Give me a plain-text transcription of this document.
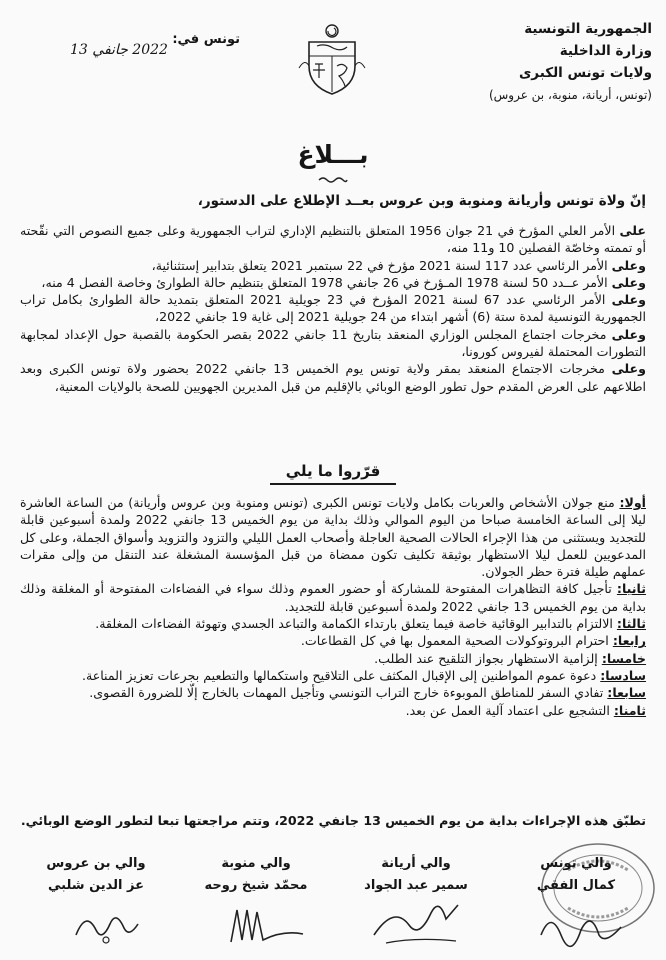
الجمهورية التونسية
وزارة الداخلية
ولايات تونس الكبرى
(تونس، أريانة، منوبة، بن عروس)
تونس في:
2022 جانفي 13
بـــلاغ
إنّ ولاة تونس وأريانة ومنوبة وبن عروس بعــد الإطلاع على الدستور،
على الأمر العلي المؤرخ في 21 جوان 1956 المتعلق بالتنظيم الإداري لتراب الجمهورية وعلى جميع النصوص التي نقّحته أو تممته وخاصّة الفصلين 10 و11 منه،
وعلى الأمر الرئاسي عدد 117 لسنة 2021 مؤرخ في 22 سبتمبر 2021 يتعلق بتدابير إستثنائية،
وعلى الأمر عــدد 50 لسنة 1978 المـؤرخ في 26 جانفي 1978 المتعلق بتنظيم حالة الطوارئ وخاصة الفصل 4 منه،
وعلى الأمر الرئاسي عدد 67 لسنة 2021 المؤرخ في 23 جويلية 2021 المتعلق بتمديد حالة الطوارئ بكامل تراب الجمهورية التونسية لمدة ستة (6) أشهر ابتداء من 24 جويلية 2021 إلى غاية 19 جانفي 2022،
وعلى مخرجات اجتماع المجلس الوزاري المنعقد بتاريخ 11 جانفي 2022 بقصر الحكومة بالقصبة حول الإعداد لمجابهة التطورات المحتملة لفيروس كورونا،
وعلى مخرجات الاجتماع المنعقد بمقر ولاية تونس يوم الخميس 13 جانفي 2022 بحضور ولاة تونس الكبرى وبعد اطلاعهم على العرض المقدم حول تطور الوضع الوبائي بالإقليم من قبل المديرين الجهويين للصحة بالولايات المعنية،
قرّروا ما يلي
أولا: منع جولان الأشخاص والعربات بكامل ولايات تونس الكبرى (تونس ومنوبة وبن عروس وأريانة) من الساعة العاشرة ليلا إلى الساعة الخامسة صباحا من اليوم الموالي وذلك بداية من يوم الخميس 13 جانفي 2022 ولمدة أسبوعين قابلة للتجديد ويستثنى من هذا الإجراء الحالات الصحية العاجلة وأصحاب العمل الليلي والتزود والتزويد وأسواق الجملة، وعلى كل المدعويين للعمل ليلا الاستظهار بوثيقة تكليف تكون ممضاة من قبل المؤسسة المشغلة عند التنقل من وإلى مقرات عملهم طيلة فترة حظر الجولان.
ثانيا: تأجيل كافة التظاهرات المفتوحة للمشاركة أو حضور العموم وذلك سواء في الفضاءات المفتوحة أو المغلقة وذلك بداية من يوم الخميس 13 جانفي 2022 ولمدة أسبوعين قابلة للتجديد.
ثالثا: الالتزام بالتدابير الوقائية خاصة فيما يتعلق بارتداء الكمامة والتباعد الجسدي وتهوئة الفضاءات المغلقة.
رابعا: احترام البروتوكولات الصحية المعمول بها في كل القطاعات.
خامسا: إلزامية الاستظهار بجواز التلقيح عند الطلب.
سادسا: دعوة عموم المواطنين إلى الإقبال المكثف على التلاقيح واستكمالها والتطعيم بجرعات تعزيز المناعة.
سابعا: تفادي السفر للمناطق الموبوءة خارج التراب التونسي وتأجيل المهمات بالخارج إلّا للضرورة القصوى.
ثامنا: التشجيع على اعتماد آلية العمل عن بعد.
تطبّق هذه الإجراءات بداية من يوم الخميس 13 جانفي 2022، وتتم مراجعتها تبعا لتطور الوضع الوبائي.
والي تونس
كمال الفقي
والي أريانة
سمير عبد الجواد
والي منوبة
محمّد شيخ روحه
والي بن عروس
عز الدين شلبي
